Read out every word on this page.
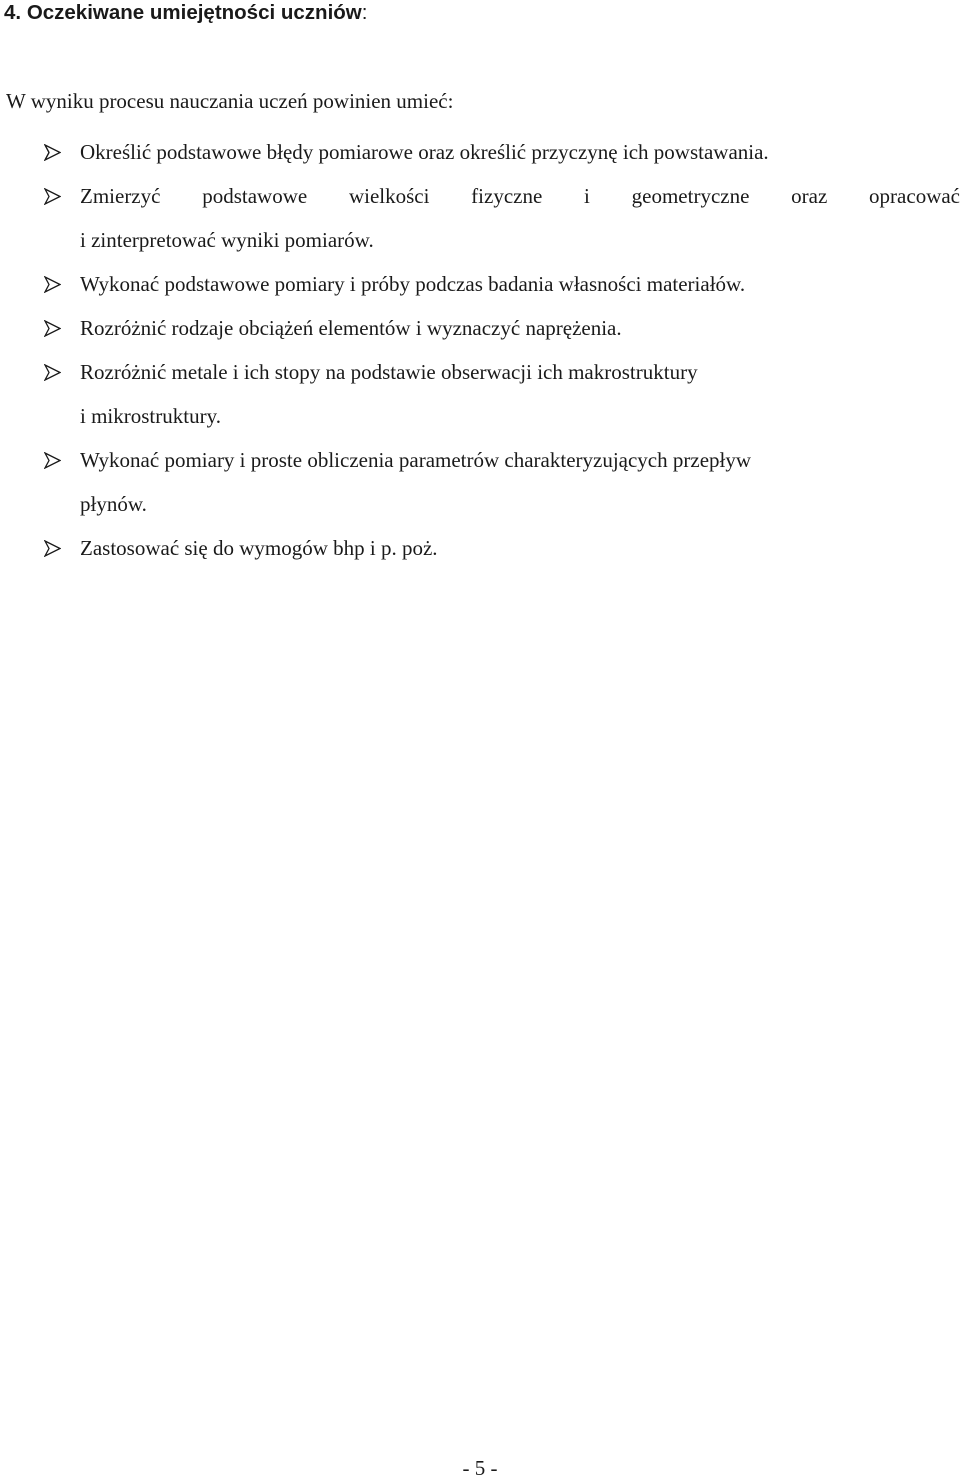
4. Oczekiwane umiejętności uczniów:
W wyniku procesu nauczania uczeń powinien umieć:
Określić podstawowe błędy pomiarowe oraz określić przyczynę ich powstawania.
Zmierzyć podstawowe wielkości fizyczne i geometryczne oraz opracować
i zinterpretować wyniki pomiarów.
Wykonać podstawowe pomiary i próby podczas badania własności materiałów.
Rozróżnić rodzaje obciążeń elementów i wyznaczyć naprężenia.
Rozróżnić metale i ich stopy na podstawie obserwacji ich makrostruktury
i mikrostruktury.
Wykonać pomiary i proste obliczenia parametrów charakteryzujących przepływ
płynów.
Zastosować się do wymogów bhp i p. poż.
- 5 -
